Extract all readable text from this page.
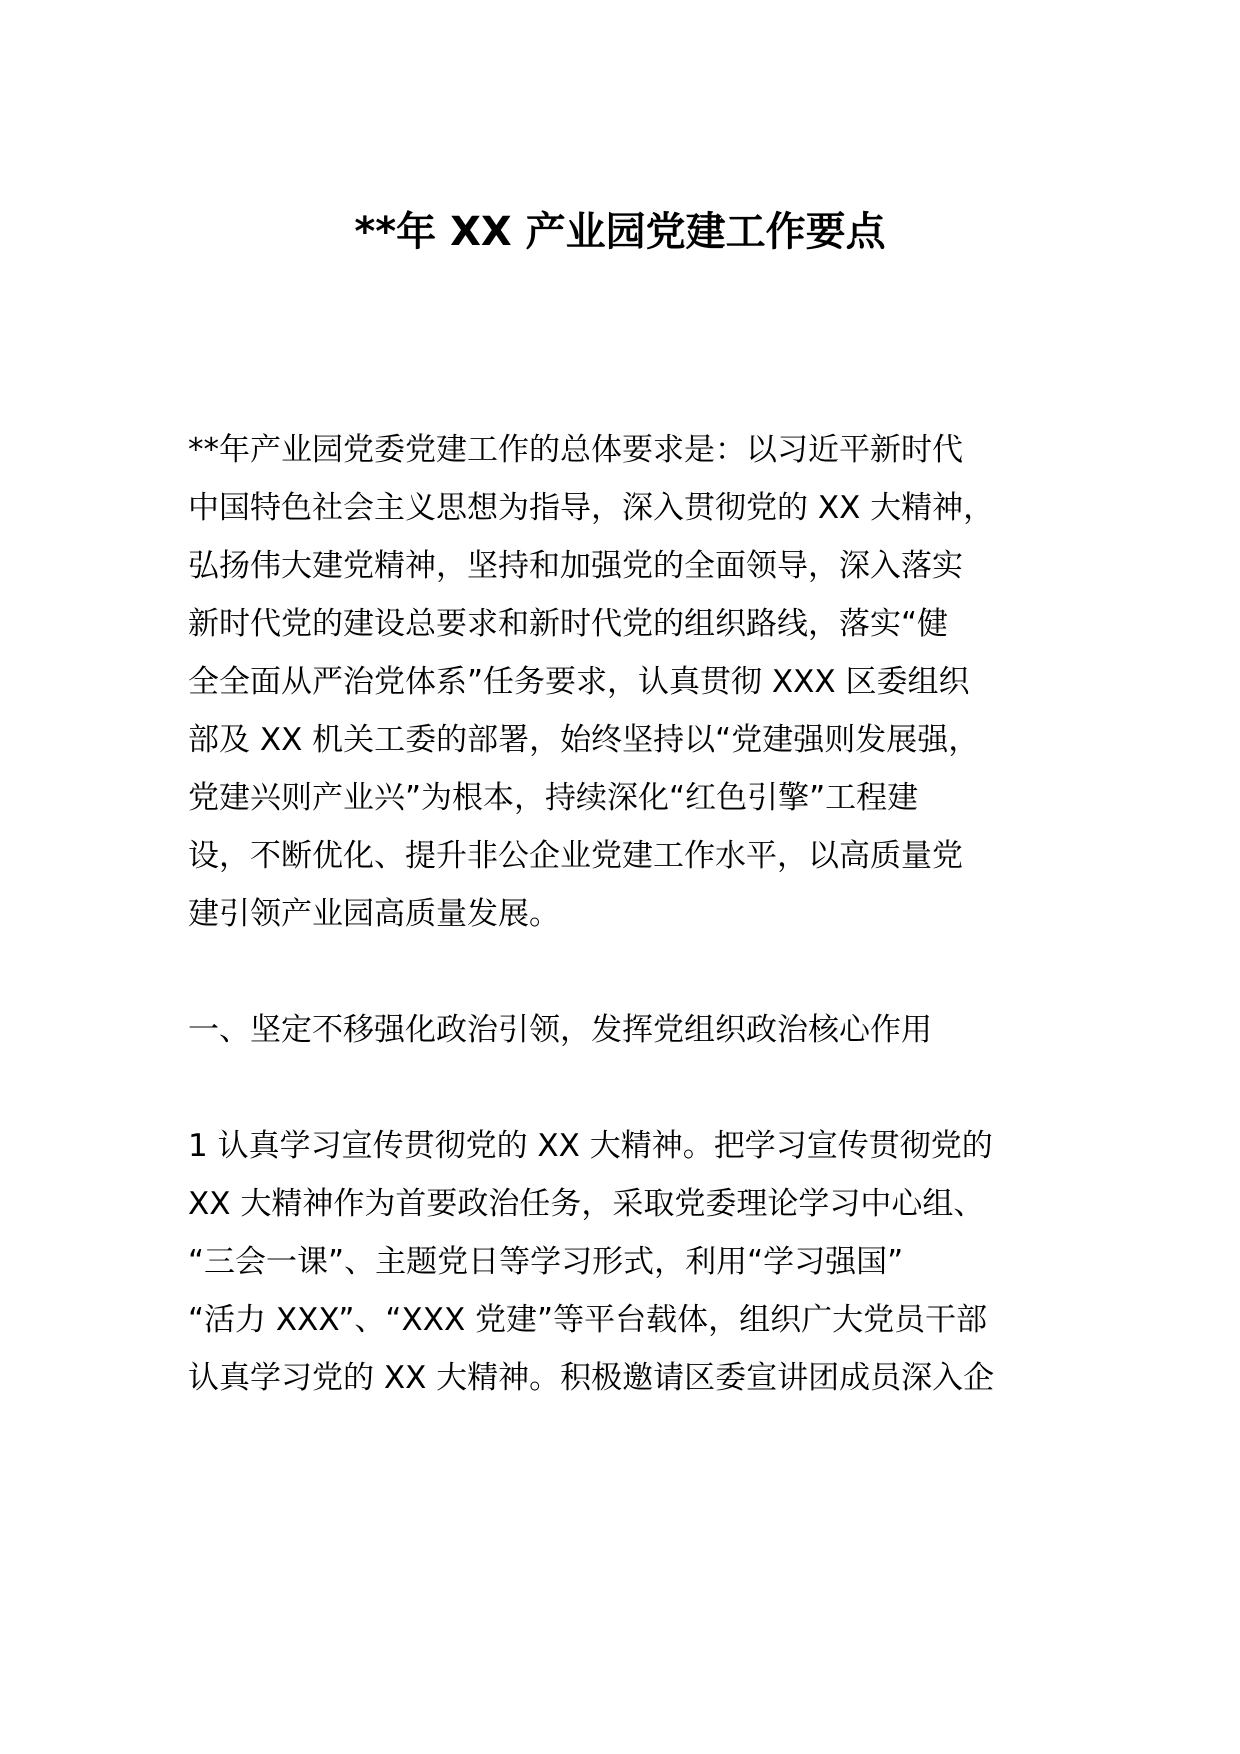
**年 XX 产业园党建工作要点
**年产业园党委党建工作的总体要求是：以习近平新时代
中国特色社会主义思想为指导，深入贯彻党的 XX 大精神，
弘扬伟大建党精神，坚持和加强党的全面领导，深入落实
新时代党的建设总要求和新时代党的组织路线，落实“健
全全面从严治党体系”任务要求，认真贯彻 XXX 区委组织
部及 XX 机关工委的部署，始终坚持以“党建强则发展强，
党建兴则产业兴”为根本，持续深化“红色引擎”工程建
设，不断优化、提升非公企业党建工作水平，以高质量党
建引领产业园高质量发展。
一、坚定不移强化政治引领，发挥党组织政治核心作用
1 认真学习宣传贯彻党的 XX 大精神。把学习宣传贯彻党的
XX 大精神作为首要政治任务，采取党委理论学习中心组、
“三会一课”、主题党日等学习形式，利用“学习强国”
“活力 XXX”、“XXX 党建”等平台载体，组织广大党员干部
认真学习党的 XX 大精神。积极邀请区委宣讲团成员深入企
